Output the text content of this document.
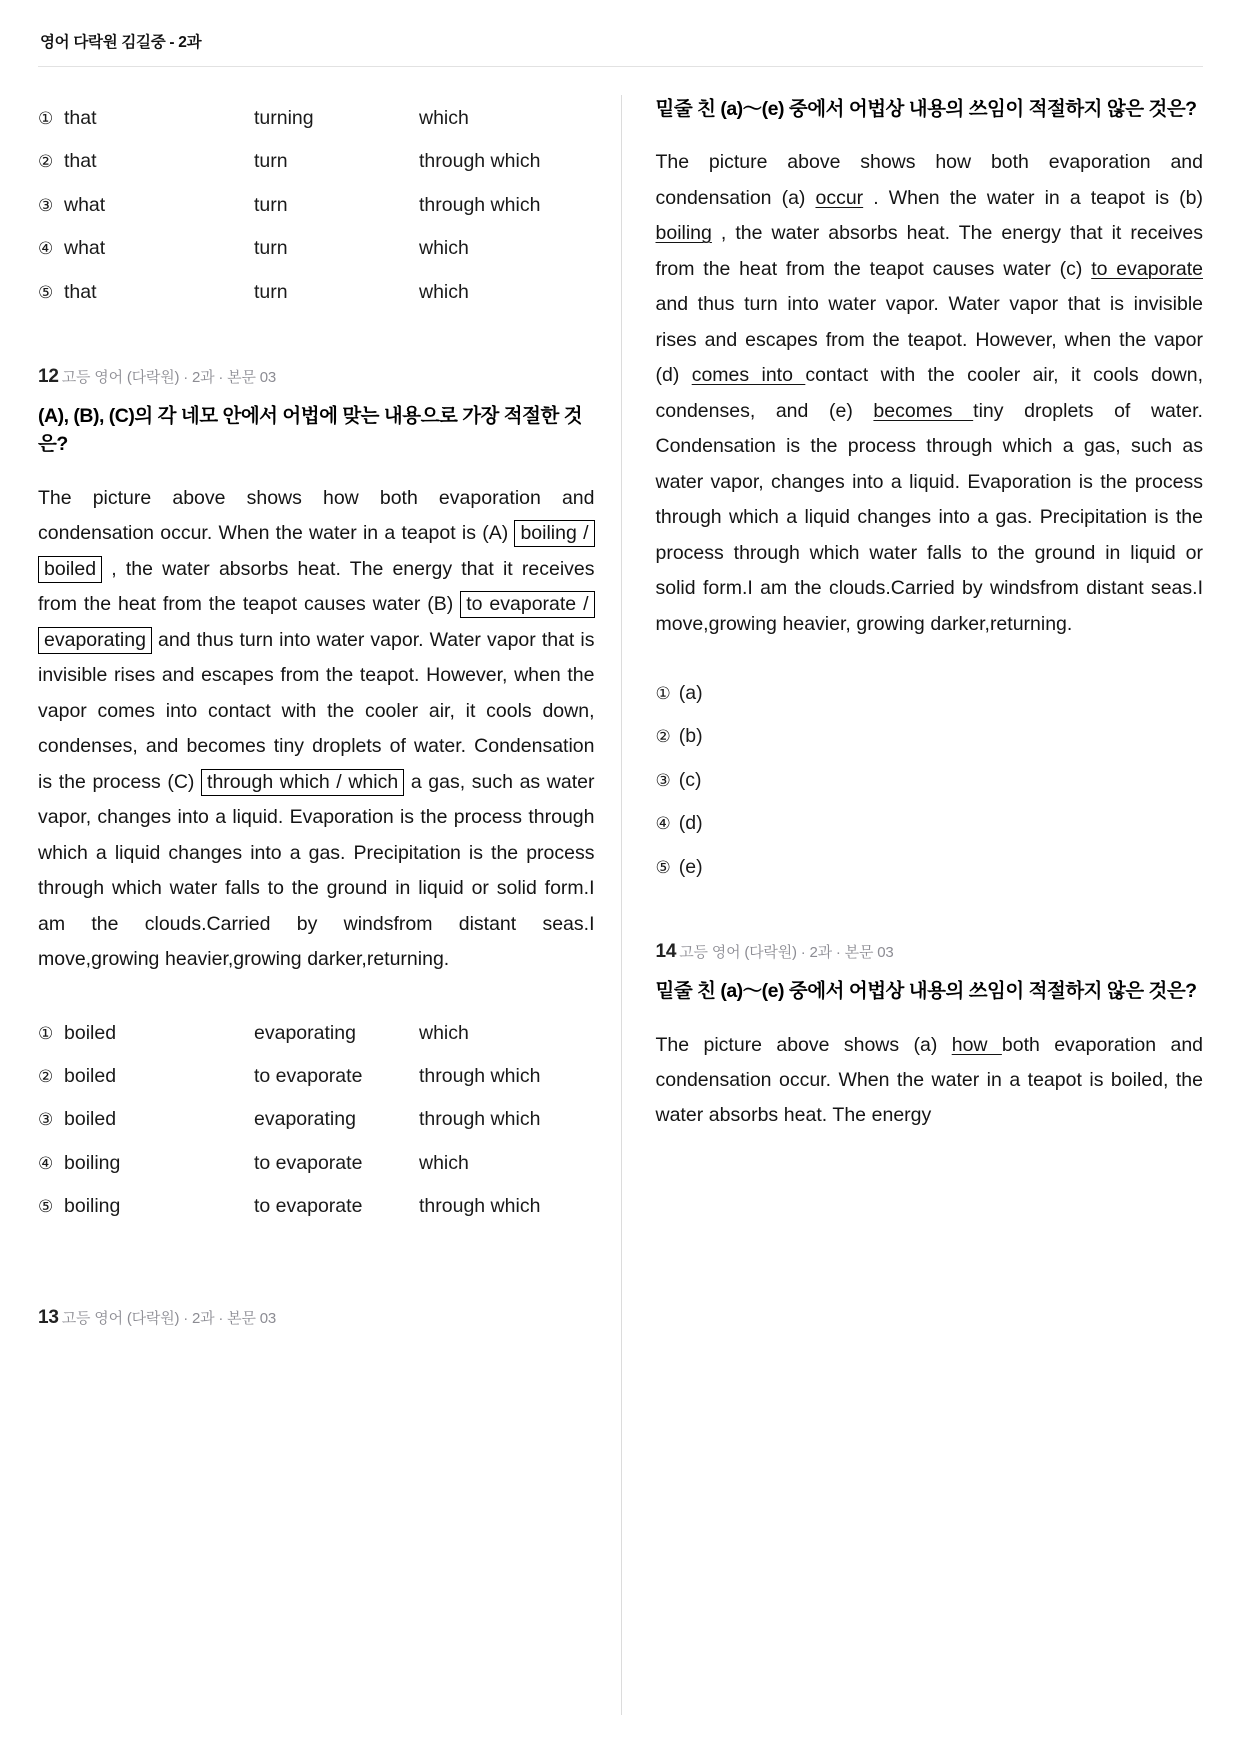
영어 다락원 김길중 - 2과
①	that	turning	which
②	that	turn	through which
③	what	turn	through which
④	what	turn	which
⑤	that	turn	which
12 고등 영어 (다락원) · 2과 · 본문 03
(A), (B), (C)의 각 네모 안에서 어법에 맞는 내용으로 가장 적절한 것은?
The picture above shows how both evaporation and condensation occur. When the water in a teapot is (A) boiling / boiled , the water absorbs heat. The energy that it receives from the heat from the teapot causes water (B) to evaporate / evaporating and thus turn into water vapor. Water vapor that is invisible rises and escapes from the teapot. However, when the vapor comes into contact with the cooler air, it cools down, condenses, and becomes tiny droplets of water. Condensation is the process (C) through which / which a gas, such as water vapor, changes into a liquid. Evaporation is the process through which a liquid changes into a gas. Precipitation is the process through which water falls to the ground in liquid or solid form.I am the clouds.Carried by windsfrom distant seas.I move,growing heavier,growing darker,returning.
①	boiled	evaporating	which
②	boiled	to evaporate	through which
③	boiled	evaporating	through which
④	boiling	to evaporate	which
⑤	boiling	to evaporate	through which
13 고등 영어 (다락원) · 2과 · 본문 03
밑줄 친 (a)〜(e) 중에서 어법상 내용의 쓰임이 적절하지 않은 것은?
The picture above shows how both evaporation and condensation (a) occur . When the water in a teapot is (b) boiling , the water absorbs heat. The energy that it receives from the heat from the teapot causes water (c) to evaporate and thus turn into water vapor. Water vapor that is invisible rises and escapes from the teapot. However, when the vapor (d) comes into contact with the cooler air, it cools down, condenses, and (e) becomes tiny droplets of water. Condensation is the process through which a gas, such as water vapor, changes into a liquid. Evaporation is the process through which a liquid changes into a gas. Precipitation is the process through which water falls to the ground in liquid or solid form.I am the clouds.Carried by windsfrom distant seas.I move,growing heavier, growing darker,returning.
① (a)
② (b)
③ (c)
④ (d)
⑤ (e)
14 고등 영어 (다락원) · 2과 · 본문 03
밑줄 친 (a)〜(e) 중에서 어법상 내용의 쓰임이 적절하지 않은 것은?
The picture above shows (a) how both evaporation and condensation occur. When the water in a teapot is boiled, the water absorbs heat. The energy
